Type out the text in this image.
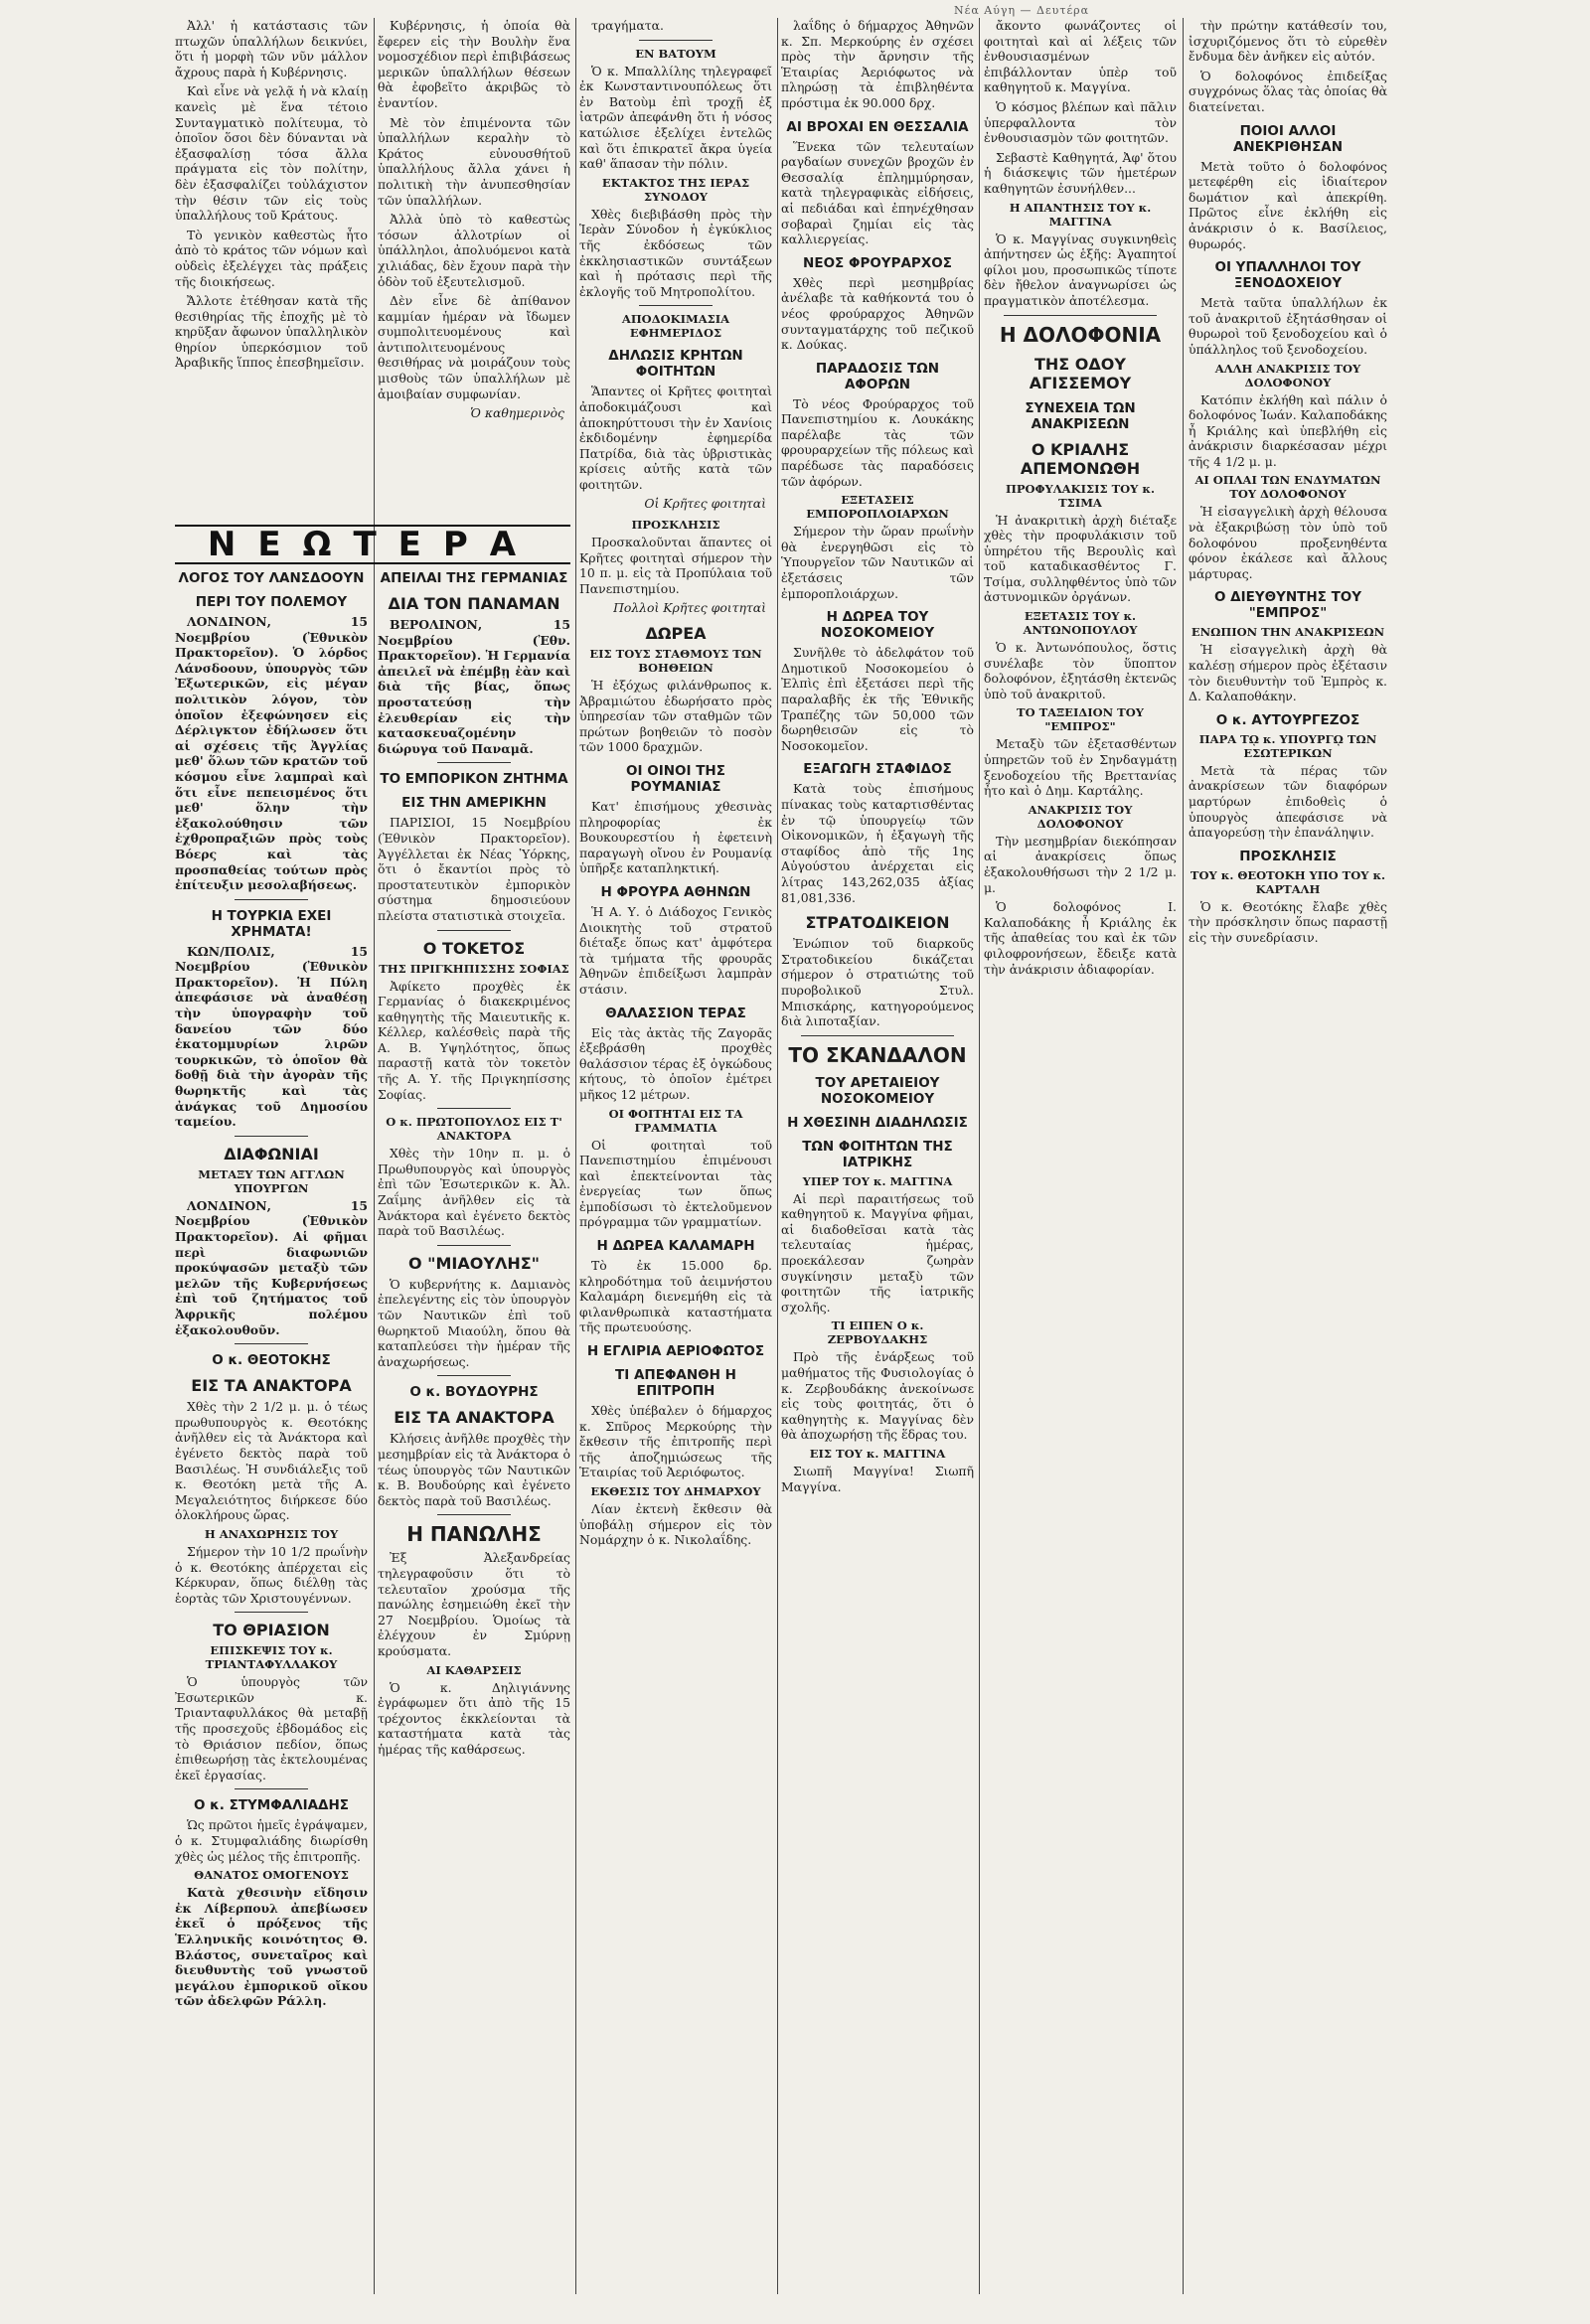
Νέα Αύγη — Δευτέρα

Ἀλλ' ἡ κατάστασις τῶν πτωχῶν ὑπαλλήλων δεικνύει, ὅτι ἡ μορφὴ τῶν νῦν μάλλον ἄχρους παρὰ ἡ Κυβέρνησις.

Καὶ εἶνε νὰ γελᾷ ἡ νὰ κλαίῃ κανεὶς μὲ ἕνα τέτοιο Συνταγματικὸ πολίτευμα, τὸ ὁποῖον ὅσοι δὲν δύνανται νὰ ἐξασφαλίσῃ τόσα ἄλλα πράγματα εἰς τὸν πολίτην, δὲν ἐξασφαλίζει τοὐλάχιστον τὴν θέσιν τῶν εἰς τοὺς ὑπαλλήλους τοῦ Κράτους.

Τὸ γενικὸν καθεστὼς ἦτο ἀπὸ τὸ κράτος τῶν νόμων καὶ οὐδεὶς ἐξελέγχει τὰς πράξεις τῆς διοικήσεως.

Ἄλλοτε ἐτέθησαν κατὰ τῆς θεσιθηρίας τῆς ἐποχῆς μὲ τὸ κηρῦξαν ἄφωνον ὑπαλληλικὸν θηρίον ὑπερκόσμιον τοῦ Ἀραβικῆς ἵππος ἐπεσβημεῖσιν.

Κυβέρνησις, ἡ ὁποία θὰ ἔφερεν εἰς τὴν Βουλὴν ἕνα νομοσχέδιον περὶ ἐπιβιβάσεως μερικῶν ὑπαλλήλων θέσεων θὰ ἐφοβεῖτο ἀκριβῶς τὸ ἐναντίον.

Μὲ τὸν ἐπιμένοντα τῶν ὑπαλλήλων κεραλὴν τὸ Κράτος εὑνουσθήτοῦ ὑπαλλήλους ἄλλα χάνει ἡ πολιτικὴ τὴν ἀνυπεσθησίαν τῶν ὑπαλλήλων.

Ἀλλὰ ὑπὸ τὸ καθεστὼς τόσων ἀλλοτρίων οἱ ὑπάλληλοι, ἀπολυόμενοι κατὰ χιλιάδας, δὲν ἔχουν παρὰ τὴν ὁδὸν τοῦ ἐξευτελισμοῦ.

Δὲν εἶνε δὲ ἀπίθανον καμμίαν ἡμέραν νὰ ἴδωμεν συμπολιτευομένους καὶ ἀντιπολιτευομένους θεσιθήρας νὰ μοιράζουν τοὺς μισθοὺς τῶν ὑπαλλήλων μὲ ἀμοιβαίαν συμφωνίαν.

Ὁ καθημερινὸς
ΝΕΩΤΕΡΑ
ΛΟΓΟΣ ΤΟΥ ΛΑΝΣΔΟΟΥΝ
ΠΕΡΙ ΤΟΥ ΠΟΛΕΜΟΥ

ΛΟΝΔΙΝΟΝ, 15 Νοεμβρίου (Ἐθνικὸν Πρακτορεῖον). Ὁ λόρδος Λάνσδοουν, ὑπουργὸς τῶν Ἐξωτερικῶν, εἰς μέγαν πολιτικὸν λόγον, τὸν ὁποῖον ἐξεφώνησεν εἰς Δέρλιγκτον ἐδήλωσεν ὅτι αἱ σχέσεις τῆς Ἀγγλίας μεθ' ὅλων τῶν κρατῶν τοῦ κόσμου εἶνε λαμπραὶ καὶ ὅτι εἶνε πεπεισμένος ὅτι μεθ' ὅλην τὴν ἐξακολούθησιν τῶν ἐχθροπραξιῶν πρὸς τοὺς Βόερς καὶ τὰς προσπαθείας τούτων πρὸς ἐπίτευξιν μεσολαβήσεως.

Η ΤΟΥΡΚΙΑ ΕΧΕΙ ΧΡΗΜΑΤΑ!

ΚΩΝ/ΠΟΛΙΣ, 15 Νοεμβρίου (Ἐθνικὸν Πρακτορεῖον). Ἡ Πύλη ἀπεφάσισε νὰ ἀναθέσῃ τὴν ὑπογραφὴν τοῦ δανείου τῶν δύο ἑκατομμυρίων λιρῶν τουρκικῶν, τὸ ὁποῖον θὰ δοθῇ διὰ τὴν ἀγορὰν τῆς θωρηκτῆς καὶ τὰς ἀνάγκας τοῦ Δημοσίου ταμείου.

ΔΙΑΦΩΝΙΑΙ
ΜΕΤΑΞΥ ΤΩΝ ΑΓΓΛΩΝ ΥΠΟΥΡΓΩΝ

ΛΟΝΔΙΝΟΝ, 15 Νοεμβρίου (Ἐθνικὸν Πρακτορεῖον). Αἱ φῆμαι περὶ διαφωνιῶν προκύψασῶν μεταξὺ τῶν μελῶν τῆς Κυβερνήσεως ἐπὶ τοῦ ζητήματος τοῦ Ἀφρικῆς πολέμου ἐξακολουθοῦν.

Ο κ. ΘΕΟΤΟΚΗΣ
ΕΙΣ ΤΑ ΑΝΑΚΤΟΡΑ

Χθὲς τὴν 2 1/2 μ. μ. ὁ τέως πρωθυπουργὸς κ. Θεοτόκης ἀνῆλθεν εἰς τὰ Ἀνάκτορα καὶ ἐγένετο δεκτὸς παρὰ τοῦ Βασιλέως. Ἡ συνδιάλεξις τοῦ κ. Θεοτόκη μετὰ τῆς Α. Μεγαλειότητος διήρκεσε δύο ὁλοκλήρους ὥρας.

Η ΑΝΑΧΩΡΗΣΙΣ ΤΟΥ

Σήμερον τὴν 10 1/2 πρωΐνὴν ὁ κ. Θεοτόκης ἀπέρχεται εἰς Κέρκυραν, ὅπως διέλθῃ τὰς ἑορτὰς τῶν Χριστουγέννων.

ΤΟ ΘΡΙΑΣΙΟΝ
ΕΠΙΣΚΕΨΙΣ ΤΟΥ κ. ΤΡΙΑΝΤΑΦΥΛΛΑΚΟΥ

Ὁ ὑπουργὸς τῶν Ἐσωτερικῶν κ. Τριανταφυλλάκος θὰ μεταβῇ τῆς προσεχοῦς ἑβδομάδος εἰς τὸ Θριάσιον πεδίον, ὅπως ἐπιθεωρήσῃ τὰς ἐκτελουμένας ἐκεῖ ἐργασίας.

Ο κ. ΣΤΥΜΦΑΛΙΑΔΗΣ

Ὡς πρῶτοι ἡμεῖς ἐγράψαμεν, ὁ κ. Στυμφαλιάδης διωρίσθη χθὲς ὡς μέλος τῆς ἐπιτροπῆς.

ΘΑΝΑΤΟΣ ΟΜΟΓΕΝΟΥΣ

Κατὰ χθεσινὴν εἴδησιν ἐκ Λίβερπουλ ἀπεβίωσεν ἐκεῖ ὁ πρόξενος τῆς Ἑλληνικῆς κοινότητος Θ. Βλάστος, συνεταῖρος καὶ διευθυντὴς τοῦ γνωστοῦ μεγάλου ἐμπορικοῦ οἴκου τῶν ἀδελφῶν Ράλλη.

ΑΠΕΙΛΑΙ ΤΗΣ ΓΕΡΜΑΝΙΑΣ
ΔΙΑ ΤΟΝ ΠΑΝΑΜΑΝ

ΒΕΡΟΛΙΝΟΝ, 15 Νοεμβρίου (Ἐθν. Πρακτορεῖον). Ἡ Γερμανία ἀπειλεῖ νὰ ἐπέμβῃ ἐὰν καὶ διὰ τῆς βίας, ὅπως προστατεύσῃ τὴν ἐλευθερίαν εἰς τὴν κατασκευαζομένην διώρυγα τοῦ Παναμᾶ.

ΤΟ ΕΜΠΟΡΙΚΟΝ ΖΗΤΗΜΑ
ΕΙΣ ΤΗΝ ΑΜΕΡΙΚΗΝ

ΠΑΡΙΣΙΟΙ, 15 Νοεμβρίου (Ἐθνικὸν Πρακτορεῖον). Ἀγγέλλεται ἐκ Νέας Ὑόρκης, ὅτι ὁ ἔκαντίοι πρὸς τὸ προστατευτικὸν ἐμπορικὸν σύστημα δημοσιεύουν πλείστα στατιστικὰ στοιχεῖα.

Ο ΤΟΚΕΤΟΣ
ΤΗΣ ΠΡΙΓΚΗΠΙΣΣΗΣ ΣΟΦΙΑΣ

Ἀφίκετο προχθὲς ἐκ Γερμανίας ὁ διακεκριμένος καθηγητὴς τῆς Μαιευτικῆς κ. Κέλλερ, καλέσθεὶς παρὰ τῆς Α. Β. Υψηλότητος, ὅπως παραστῇ κατὰ τὸν τοκετὸν τῆς Α. Υ. τῆς Πριγκηπίσσης Σοφίας.

Ο κ. ΠΡΩΤΟΠΟΥΛΟΣ ΕΙΣ Τ' ΑΝΑΚΤΟΡΑ

Χθὲς τὴν 10ην π. μ. ὁ Πρωθυπουργὸς καὶ ὑπουργὸς ἐπὶ τῶν Ἐσωτερικῶν κ. Ἀλ. Ζαΐμης ἀνῆλθεν εἰς τὰ Ἀνάκτορα καὶ ἐγένετο δεκτὸς παρὰ τοῦ Βασιλέως.

Ο "ΜΙΑΟΥΛΗΣ"

Ὁ κυβερνήτης κ. Δαμιανὸς ἐπελεγέντης εἰς τὸν ὑπουργὸν τῶν Ναυτικῶν ἐπὶ τοῦ θωρηκτοῦ Μιαούλη, ὅπου θὰ καταπλεύσει τὴν ἡμέραν τῆς ἀναχωρήσεως.

Ο κ. ΒΟΥΔΟΥΡΗΣ
ΕΙΣ ΤΑ ΑΝΑΚΤΟΡΑ

Κλήσεις ἀνῆλθε προχθὲς τὴν μεσημβρίαν εἰς τὰ Ἀνάκτορα ὁ τέως ὑπουργὸς τῶν Ναυτικῶν κ. Β. Βουδούρης καὶ ἐγένετο δεκτὸς παρὰ τοῦ Βασιλέως.

Η ΠΑΝΩΛΗΣ

Ἐξ Ἀλεξανδρείας τηλεγραφοῦσιν ὅτι τὸ τελευταῖον χρούσμα τῆς πανώλης ἐσημειώθη ἐκεῖ τὴν 27 Νοεμβρίου. Ὁμοίως τὰ ἐλέγχουν ἐν Σμύρνῃ κρούσματα.

ΑΙ ΚΑΘΑΡΣΕΙΣ

Ὁ κ. Δηλιγιάννης ἐγράφωμεν ὅτι ἀπὸ τῆς 15 τρέχοντος ἐκκλείονται τὰ καταστήματα κατὰ τὰς ἡμέρας τῆς καθάρσεως.

τραγήματα.

ΕΝ ΒΑΤΟΥΜ

Ὁ κ. Μπαλλίλης τηλεγραφεῖ ἐκ Κωνσταντινουπόλεως ὅτι ἐν Βατοὺμ ἐπὶ τροχῇ ἐξ ἰατρῶν ἀπεφάνθη ὅτι ἡ νόσος κατώλισε ἐξελίχει ἐντελῶς καὶ ὅτι ἐπικρατεῖ ἄκρα ὑγεία καθ' ἅπασαν τὴν πόλιν.

ΕΚΤΑΚΤΟΣ ΤΗΣ ΙΕΡΑΣ ΣΥΝΟΔΟΥ

Χθὲς διεβιβάσθη πρὸς τὴν Ἱερὰν Σύνοδον ἡ ἐγκύκλιος τῆς ἐκδόσεως τῶν ἐκκλησιαστικῶν συντάξεων καὶ ἡ πρότασις περὶ τῆς ἐκλογῆς τοῦ Μητροπολίτου.

ΑΠΟΔΟΚΙΜΑΣΙΑ ΕΦΗΜΕΡΙΔΟΣ
ΔΗΛΩΣΙΣ ΚΡΗΤΩΝ ΦΟΙΤΗΤΩΝ

Ἅπαντες οἱ Κρῆτες φοιτηταὶ ἀποδοκιμάζουσι καὶ ἀποκηρύττουσι τὴν ἐν Χανίοις ἐκδιδομένην ἐφημερίδα Πατρίδα, διὰ τὰς ὑβριστικὰς κρίσεις αὐτῆς κατὰ τῶν φοιτητῶν.

Οἱ Κρῆτες φοιτηταὶ
ΠΡΟΣΚΛΗΣΙΣ

Προσκαλοῦνται ἅπαντες οἱ Κρῆτες φοιτηταὶ σήμερον τὴν 10 π. μ. εἰς τὰ Προπύλαια τοῦ Πανεπιστημίου.

Πολλοὶ Κρῆτες φοιτηταὶ
ΔΩΡΕΑ
ΕΙΣ ΤΟΥΣ ΣΤΑΘΜΟΥΣ ΤΩΝ ΒΟΗΘΕΙΩΝ

Ἡ ἐξόχως φιλάνθρωπος κ. Ἀβραμιώτου ἐδωρήσατο πρὸς ὑπηρεσίαν τῶν σταθμῶν τῶν πρώτων βοηθειῶν τὸ ποσὸν τῶν 1000 δραχμῶν.

ΟΙ ΟΙΝΟΙ ΤΗΣ ΡΟΥΜΑΝΙΑΣ

Κατ' ἐπισήμους χθεσινὰς πληροφορίας ἐκ Βουκουρεστίου ἡ ἐφετεινὴ παραγωγὴ οἴνου ἐν Ρουμανίᾳ ὑπῆρξε καταπληκτική.

Η ΦΡΟΥΡΑ ΑΘΗΝΩΝ

Ἡ Α. Υ. ὁ Διάδοχος Γενικὸς Διοικητὴς τοῦ στρατοῦ διέταξε ὅπως κατ' ἀμφότερα τὰ τμήματα τῆς φρουρᾶς Ἀθηνῶν ἐπιδείξωσι λαμπρὰν στάσιν.

ΘΑΛΑΣΣΙΟΝ ΤΕΡΑΣ

Εἰς τὰς ἀκτὰς τῆς Ζαγορᾶς ἐξεβράσθη προχθὲς θαλάσσιον τέρας ἐξ ὀγκώδους κήτους, τὸ ὁποῖον ἐμέτρει μῆκος 12 μέτρων.

ΟΙ ΦΟΙΤΗΤΑΙ ΕΙΣ ΤΑ ΓΡΑΜΜΑΤΙΑ

Οἱ φοιτηταὶ τοῦ Πανεπιστημίου ἐπιμένουσι καὶ ἐπεκτείνονται τὰς ἐνεργείας των ὅπως ἐμποδίσωσι τὸ ἐκτελοῦμενον πρόγραμμα τῶν γραμματίων.

Η ΔΩΡΕΑ ΚΑΛΑΜΑΡΗ

Τὸ ἐκ 15.000 δρ. κληροδότημα τοῦ ἀειμνήστου Καλαμάρη διενεμήθη εἰς τὰ φιλανθρωπικὰ καταστήματα τῆς πρωτευούσης.

Η ΕΓΛΙΡΙΑ ΑΕΡΙΟΦΩΤΟΣ
ΤΙ ΑΠΕΦΑΝΘΗ Η ΕΠΙΤΡΟΠΗ

Χθὲς ὑπέβαλεν ὁ δήμαρχος κ. Σπῦρος Μερκούρης τὴν ἔκθεσιν τῆς ἐπιτροπῆς περὶ τῆς ἀποζημιώσεως τῆς Ἑταιρίας τοῦ Ἀεριόφωτος.

ΕΚΘΕΣΙΣ ΤΟΥ ΔΗΜΑΡΧΟΥ

Λίαν ἐκτενὴ ἔκθεσιν θὰ ὑποβάλῃ σήμερον εἰς τὸν Νομάρχην ὁ κ. Νικολαΐδης.

λαΐδης ὁ δήμαρχος Ἀθηνῶν κ. Σπ. Μερκούρης ἐν σχέσει πρὸς τὴν ἄρνησιν τῆς Ἑταιρίας Ἀεριόφωτος νὰ πληρώσῃ τὰ ἐπιβληθέντα πρόστιμα ἐκ 90.000 δρχ.

ΑΙ ΒΡΟΧΑΙ ΕΝ ΘΕΣΣΑΛΙΑ

Ἕνεκα τῶν τελευταίων ραγδαίων συνεχῶν βροχῶν ἐν Θεσσαλίᾳ ἐπλημμύρησαν, κατὰ τηλεγραφικὰς εἰδήσεις, αἱ πεδιάδαι καὶ ἐπηνέχθησαν σοβαραὶ ζημίαι εἰς τὰς καλλιεργείας.

ΝΕΟΣ ΦΡΟΥΡΑΡΧΟΣ

Χθὲς περὶ μεσημβρίας ἀνέλαβε τὰ καθήκοντά του ὁ νέος φρούραρχος Ἀθηνῶν συνταγματάρχης τοῦ πεζικοῦ κ. Δούκας.

ΠΑΡΑΔΟΣΙΣ ΤΩΝ ΑΦΟΡΩΝ

Τὸ νέος Φρούραρχος τοῦ Πανεπιστημίου κ. Λουκάκης παρέλαβε τὰς τῶν φρουραρχείων τῆς πόλεως καὶ παρέδωσε τὰς παραδόσεις τῶν ἀφόρων.

ΕΞΕΤΑΣΕΙΣ ΕΜΠΟΡΟΠΛΟΙΑΡΧΩΝ

Σήμερον τὴν ὥραν πρωΐνὴν θὰ ἐνεργηθῶσι εἰς τὸ Ὑπουργεῖον τῶν Ναυτικῶν αἱ ἐξετάσεις τῶν ἐμποροπλοιάρχων.

Η ΔΩΡΕΑ ΤΟΥ ΝΟΣΟΚΟΜΕΙΟΥ

Συνῆλθε τὸ ἀδελφάτον τοῦ Δημοτικοῦ Νοσοκομείου ὁ Ἐλπὶς ἐπὶ ἐξετάσει περὶ τῆς παραλαβῆς ἐκ τῆς Ἐθνικῆς Τραπέζης τῶν 50,000 τῶν δωρηθεισῶν εἰς τὸ Νοσοκομεῖον.

ΕΞΑΓΩΓΗ ΣΤΑΦΙΔΟΣ

Κατὰ τοὺς ἐπισήμους πίνακας τοὺς καταρτισθέντας ἐν τῷ ὑπουργείῳ τῶν Οἰκονομικῶν, ἡ ἐξαγωγὴ τῆς σταφίδος ἀπὸ τῆς 1ης Αὐγούστου ἀνέρχεται εἰς λίτρας 143,262,035 ἀξίας 81,081,336.

ΣΤΡΑΤΟΔΙΚΕΙΟΝ

Ἐνώπιον τοῦ διαρκοῦς Στρατοδικείου δικάζεται σήμερον ὁ στρατιώτης τοῦ πυροβολικοῦ Στυλ. Μπισκάρης, κατηγορούμενος διὰ λιποταξίαν.

ΤΟ ΣΚΑΝΔΑΛΟΝ
ΤΟΥ ΑΡΕΤΑΙΕΙΟΥ ΝΟΣΟΚΟΜΕΙΟΥ
Η ΧΘΕΣΙΝΗ ΔΙΑΔΗΛΩΣΙΣ
ΤΩΝ ΦΟΙΤΗΤΩΝ ΤΗΣ ΙΑΤΡΙΚΗΣ
ΥΠΕΡ ΤΟΥ κ. ΜΑΓΓΙΝΑ

Αἱ περὶ παραιτήσεως τοῦ καθηγητοῦ κ. Μαγγίνα φῆμαι, αἱ διαδοθεῖσαι κατὰ τὰς τελευταίας ἡμέρας, προεκάλεσαν ζωηρὰν συγκίνησιν μεταξὺ τῶν φοιτητῶν τῆς ἰατρικῆς σχολῆς.

ΤΙ ΕΙΠΕΝ Ο κ. ΖΕΡΒΟΥΔΑΚΗΣ

Πρὸ τῆς ἐνάρξεως τοῦ μαθήματος τῆς Φυσιολογίας ὁ κ. Ζερβουδάκης ἀνεκοίνωσε εἰς τοὺς φοιτητάς, ὅτι ὁ καθηγητὴς κ. Μαγγίνας δὲν θὰ ἀποχωρήσῃ τῆς ἕδρας του.

ΕΙΣ ΤΟΥ κ. ΜΑΓΓΙΝΑ

Σιωπῆ Μαγγίνα! Σιωπῆ Μαγγίνα.

ἄκοντο φωνάζοντες οἱ φοιτηταὶ καὶ αἱ λέξεις τῶν ἐνθουσιασμένων ἐπιβάλλονταν ὑπὲρ τοῦ καθηγητοῦ κ. Μαγγίνα.

Ὁ κόσμος βλέπων καὶ πᾶλιν ὑπερφαλλοντα τὸν ἐνθουσιασμὸν τῶν φοιτητῶν.

Σεβαστὲ Καθηγητά, Ἀφ' ὅτου ἡ διάσκεψις τῶν ἡμετέρων καθηγητῶν ἐσυνήλθεν...

Η ΑΠΑΝΤΗΣΙΣ ΤΟΥ κ. ΜΑΓΓΙΝΑ

Ὁ κ. Μαγγίνας συγκινηθεὶς ἀπήντησεν ὡς ἑξῆς: Ἀγαπητοί φίλοι μου, προσωπικῶς τίποτε δὲν ἤθελον ἀναγνωρίσει ὡς πραγματικὸν ἀποτέλεσμα.

Η ΔΟΛΟΦΟΝΙΑ
ΤΗΣ ΟΔΟΥ ΑΓΙΣΣΕΜΟΥ
ΣΥΝΕΧΕΙΑ ΤΩΝ ΑΝΑΚΡΙΣΕΩΝ
Ο ΚΡΙΑΛΗΣ ΑΠΕΜΟΝΩΘΗ
ΠΡΟΦΥΛΑΚΙΣΙΣ ΤΟΥ κ. ΤΣΙΜΑ

Ἡ ἀνακριτικὴ ἀρχὴ διέταξε χθὲς τὴν προφυλάκισιν τοῦ ὑπηρέτου τῆς Βερουλὶς καὶ τοῦ καταδικασθέντος Γ. Τσίμα, συλληφθέντος ὑπὸ τῶν ἀστυνομικῶν ὀργάνων.

ΕΞΕΤΑΣΙΣ ΤΟΥ κ. ΑΝΤΩΝΟΠΟΥΛΟΥ

Ὁ κ. Ἀντωνόπουλος, ὅστις συνέλαβε τὸν ὕποπτον δολοφόνον, ἐξητάσθη ἐκτενῶς ὑπὸ τοῦ ἀνακριτοῦ.

ΤΟ ΤΑΞΕΙΔΙΟΝ ΤΟΥ "ΕΜΠΡΟΣ"

Μεταξὺ τῶν ἐξετασθέντων ὑπηρετῶν τοῦ ἐν Σηνδαγμάτῃ ξενοδοχείου τῆς Βρεττανίας ἦτο καὶ ὁ Δημ. Καρτάλης.

ΑΝΑΚΡΙΣΙΣ ΤΟΥ ΔΟΛΟΦΟΝΟΥ

Τὴν μεσημβρίαν διεκόπησαν αἱ ἀνακρίσεις ὅπως ἐξακολουθήσωσι τὴν 2 1/2 μ. μ.

Ὁ δολοφόνος Ι. Καλαποδάκης ἦ Κριάλης ἐκ τῆς ἀπαθείας του καὶ ἐκ τῶν φιλοφρονήσεων, ἔδειξε κατὰ τὴν ἀνάκρισιν ἀδιαφορίαν.

τὴν πρώτην κατάθεσίν του, ἰσχυριζόμενος ὅτι τὸ εὑρεθὲν ἔνδυμα δὲν ἀνῆκεν εἰς αὐτόν.

Ὁ δολοφόνος ἐπιδείξας συγχρόνως ὅλας τὰς ὁποίας θὰ διατείνεται.

ΠΟΙΟΙ ΑΛΛΟΙ ΑΝΕΚΡΙΘΗΣΑΝ

Μετὰ τοῦτο ὁ δολοφόνος μετεφέρθη εἰς ἰδιαίτερον δωμάτιον καὶ ἀπεκρίθη. Πρῶτος εἶνε ἐκλήθη εἰς ἀνάκρισιν ὁ κ. Βασίλειος, θυρωρός.

ΟΙ ΥΠΑΛΛΗΛΟΙ ΤΟΥ ΞΕΝΟΔΟΧΕΙΟΥ

Μετὰ ταῦτα ὑπαλλήλων ἐκ τοῦ ἀνακριτοῦ ἐξητάσθησαν οἱ θυρωροὶ τοῦ ξενοδοχείου καὶ ὁ ὑπάλληλος τοῦ ξενοδοχείου.

ΑΛΛΗ ΑΝΑΚΡΙΣΙΣ ΤΟΥ ΔΟΛΟΦΟΝΟΥ

Κατόπιν ἐκλήθη καὶ πάλιν ὁ δολοφόνος Ἰωάν. Καλαποδάκης ἦ Κριάλης καὶ ὑπεβλήθη εἰς ἀνάκρισιν διαρκέσασαν μέχρι τῆς 4 1/2 μ. μ.

ΑΙ ΟΠΛΑΙ ΤΩΝ ΕΝΔΥΜΑΤΩΝ ΤΟΥ ΔΟΛΟΦΟΝΟΥ

Ἡ εἰσαγγελικὴ ἀρχὴ θέλουσα νὰ ἐξακριβώσῃ τὸν ὑπὸ τοῦ δολοφόνου προξενηθέντα φόνον ἐκάλεσε καὶ ἄλλους μάρτυρας.

Ο ΔΙΕΥΘΥΝΤΗΣ ΤΟΥ "ΕΜΠΡΟΣ"
ΕΝΩΠΙΟΝ ΤΗΝ ΑΝΑΚΡΙΣΕΩΝ

Ἡ εἰσαγγελικὴ ἀρχὴ θὰ καλέσῃ σήμερον πρὸς ἐξέτασιν τὸν διευθυντὴν τοῦ Ἐμπρὸς κ. Δ. Καλαποθάκην.

Ο κ. ΑΥΤΟΥΡΓΕΖΟΣ
ΠΑΡΑ Τῼ κ. ΥΠΟΥΡΓῼ ΤΩΝ ΕΣΩΤΕΡΙΚΩΝ

Μετὰ τὰ πέρας τῶν ἀνακρίσεων τῶν διαφόρων μαρτύρων ἐπιδοθεὶς ὁ ὑπουργὸς ἀπεφάσισε νὰ ἀπαγορεύσῃ τὴν ἐπανάληψιν.

ΠΡΟΣΚΛΗΣΙΣ
ΤΟΥ κ. ΘΕΟΤΟΚΗ ΥΠΟ ΤΟΥ κ. ΚΑΡΤΑΛΗ

Ὁ κ. Θεοτόκης ἔλαβε χθὲς τὴν πρόσκλησιν ὅπως παραστῇ εἰς τὴν συνεδρίασιν.
